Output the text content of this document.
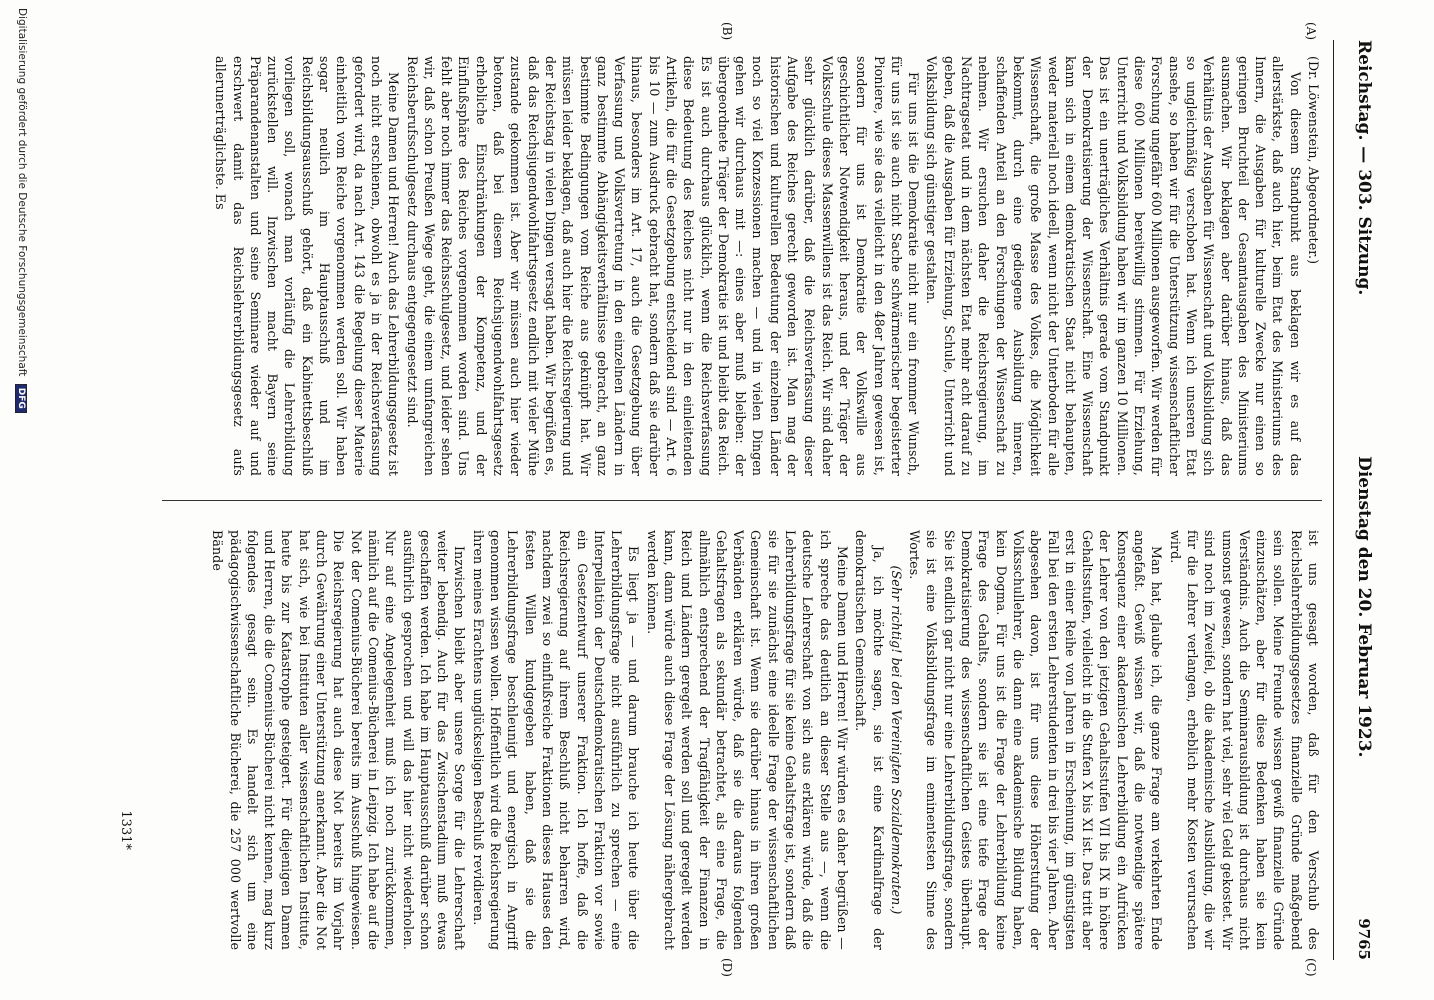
Reichstag. — 303. Sitzung.
Dienstag den 20. Februar 1923.
9765
(A)
(B)
(C)
(D)

(Dr. Löwenstein, Abgeordneter.)

Von diesem Standpunkt aus beklagen wir es auf das allerstärkste, daß auch hier, beim Etat des Ministeriums des Innern, die Ausgaben für kulturelle Zwecke nur einen so geringen Bruchteil der Gesamtausgaben des Ministeriums ausmachen. Wir beklagen aber darüber hinaus, daß das Verhältnis der Ausgaben für Wissenschaft und Volksbildung sich so ungleichmäßig verschoben hat. Wenn ich unseren Etat ansehe, so haben wir für die Unterstützung wissenschaftlicher Forschung ungefähr 600 Millionen ausgeworfen. Wir werden für diese 600 Millionen bereitwillig stimmen. Für Erziehung, Unterricht und Volksbildung haben wir im ganzen 10 Millionen. Das ist ein unerträgliches Verhältnis gerade vom Standpunkt der Demokratisierung der Wissenschaft. Eine Wissenschaft kann sich in einem demokratischen Staat nicht behaupten, weder materiell noch ideell, wenn nicht der Unterboden für alle Wissenschaft, die große Masse des Volkes, die Möglichkeit bekommt, durch eine gediegene Ausbildung inneren, schaffenden Anteil an den Forschungen der Wissenschaft zu nehmen. Wir ersuchen daher die Reichsregierung, im Nachtragsetat und in dem nächsten Etat mehr acht darauf zu geben, daß die Ausgaben für Erziehung, Schule, Unterricht und Volksbildung sich günstiger gestalten.

Für uns ist die Demokratie nicht nur ein frommer Wunsch, für uns ist sie auch nicht Sache schwärmerischer begeisterter Pioniere, wie sie das vielleicht in den 48er Jahren gewesen ist, sondern für uns ist Demokratie der Volkswille aus geschichtlicher Notwendigkeit heraus, und der Träger der Volksschule dieses Massenwillens ist das Reich. Wir sind daher sehr glücklich darüber, daß die Reichsverfassung dieser Aufgabe des Reiches gerecht geworden ist. Man mag der historischen und kulturellen Bedeutung der einzelnen Länder noch so viel Konzessionen machen — und in vielen Dingen gehen wir durchaus mit —: eines aber muß bleiben: der übergeordnete Träger der Demokratie ist und bleibt das Reich. Es ist auch durchaus glücklich, wenn die Reichsverfassung diese Bedeutung des Reiches nicht nur in den einleitenden Artikeln, die für die Gesetzgebung entscheidend sind — Art. 6 bis 10 — zum Ausdruck gebracht hat, sondern daß sie darüber hinaus, besonders im Art. 17, auch die Gesetzgebung über Verfassung und Volksvertretung in den einzelnen Ländern in ganz bestimmte Abhängigkeitsverhältnisse gebracht, an ganz bestimmte Bedingungen vom Reiche aus geknüpft hat. Wir müssen leider beklagen, daß auch hier die Reichsregierung und der Reichstag in vielen Dingen versagt haben. Wir begrüßen es, daß das Reichsjugendwohlfahrtsgesetz endlich mit vieler Mühe zustande gekommen ist. Aber wir müssen auch hier wieder betonen, daß bei diesem Reichsjugendwohlfahrtsgesetz erhebliche Einschränkungen der Kompetenz, und der Einflußsphäre des Reiches vorgenommen worden sind. Uns fehlt aber noch immer das Reichsschulgesetz, und leider sehen wir, daß schon Preußen Wege geht, die einem umfangreichen Reichsberufsschulgesetz durchaus entgegengesetzt sind.

Meine Damen und Herren! Auch das Lehrerbildungsgesetz ist noch nicht erschienen, obwohl es ja in der Reichsverfassung gefordert wird, da nach Art. 143 die Regelung dieser Materie einheitlich vom Reiche vorgenommen werden soll. Wir haben sogar neulich im Hauptausschuß und im Reichsbildungsausschuß gehört, daß ein Kabinettsbeschluß vorliegen soll, wonach man vorläufig die Lehrerbildung zurückstellen will. Inzwischen macht Bayern seine Präparandenanstalten und seine Seminare wieder auf und erschwert damit das Reichslehrerbildungsgesetz aufs allerunerträglichste. Es

ist uns gesagt worden, daß für den Verschub des Reichslehrerbildungsgesetzes finanzielle Gründe maßgebend sein sollen. Meine Freunde wissen gewiß finanzielle Gründe einzuschätzen, aber für diese Bedenken haben sie kein Verständnis. Auch die Seminarausbildung ist durchaus nicht umsonst gewesen, sondern hat viel, sehr viel Geld gekostet. Wir sind noch im Zweifel, ob die akademische Ausbildung, die wir für die Lehrer verlangen, erheblich mehr Kosten verursachen wird.

Man hat, glaube ich, die ganze Frage am verkehrten Ende angefaßt. Gewiß wissen wir, daß die notwendige spätere Konsequenz einer akademischen Lehrerbildung ein Aufrücken der Lehrer von den jetzigen Gehaltsstufen VII bis IX in höhere Gehaltsstufen, vielleicht in die Stufen X bis XI ist. Das tritt aber erst in einer Reihe von Jahren in Erscheinung, im günstigsten Fall bei den ersten Lehrerstudenten in drei bis vier Jahren. Aber abgesehen davon, ist für uns diese Höherstufung der Volksschullehrer, die dann eine akademische Bildung haben, kein Dogma. Für uns ist die Frage der Lehrerbildung keine Frage des Gehalts, sondern sie ist eine tiefe Frage der Demokratisierung des wissenschaftlichen Geistes überhaupt. Sie ist endlich gar nicht nur eine Lehrerbildungsfrage, sondern sie ist eine Volksbildungsfrage im eminentesten Sinne des Wortes.

(Sehr richtig! bei den Vereinigten Sozialdemokraten.)

Ja, ich möchte sagen, sie ist eine Kardinalfrage der demokratischen Gemeinschaft.

Meine Damen und Herren! Wir würden es daher begrüßen — ich spreche das deutlich an dieser Stelle aus —, wenn die deutsche Lehrerschaft von sich aus erklären würde, daß die Lehrerbildungsfrage für sie keine Gehaltsfrage ist, sondern daß sie für sie zunächst eine ideelle Frage der wissenschaftlichen Gemeinschaft ist. Wenn sie darüber hinaus in ihren großen Verbänden erklären würde, daß sie die daraus folgenden Gehaltsfragen als sekundär betrachtet, als eine Frage, die allmählich entsprechend der Tragfähigkeit der Finanzen in Reich und Ländern geregelt werden soll und geregelt werden kann, dann würde auch diese Frage der Lösung nähergebracht werden können.

Es liegt ja — und darum brauche ich heute über die Lehrerbildungsfrage nicht ausführlich zu sprechen — eine Interpellation der Deutschdemokratischen Fraktion vor sowie ein Gesetzentwurf unserer Fraktion. Ich hoffe, daß die Reichsregierung auf ihrem Beschluß nicht beharren wird, nachdem zwei so einflußreiche Fraktionen dieses Hauses den festen Willen kundgegeben haben, daß sie die Lehrerbildungsfrage beschleunigt und energisch in Angriff genommen wissen wollen. Hoffentlich wird die Reichsregierung ihren meines Erachtens unglückseligen Beschluß revidieren.

Inzwischen bleibt aber unsere Sorge für die Lehrerschaft weiter lebendig. Auch für das Zwischenstadium muß etwas geschaffen werden. Ich habe im Hauptausschuß darüber schon ausführlich gesprochen und will das hier nicht wiederholen. Nur auf eine Angelegenheit muß ich noch zurückkommen, nämlich auf die Comenius-Bücherei in Leipzig. Ich habe auf die Not der Comenius-Bücherei bereits im Ausschuß hingewiesen. Die Reichsregierung hat auch diese Not bereits im Vorjahr durch Gewährung einer Unterstützung anerkannt. Aber die Not hat sich, wie bei Instituten aller wissenschaftlichen Institute, heute bis zur Katastrophe gesteigert. Für diejenigen Damen und Herren, die die Comenius-Bücherei nicht kennen, mag kurz folgendes gesagt sein. Es handelt sich um eine pädagogischwissenschaftliche Bücherei, die 257 000 wertvolle Bände

1331*
Digitalisierung gefördert durch die Deutsche Forschungsgemeinschaft DFG
